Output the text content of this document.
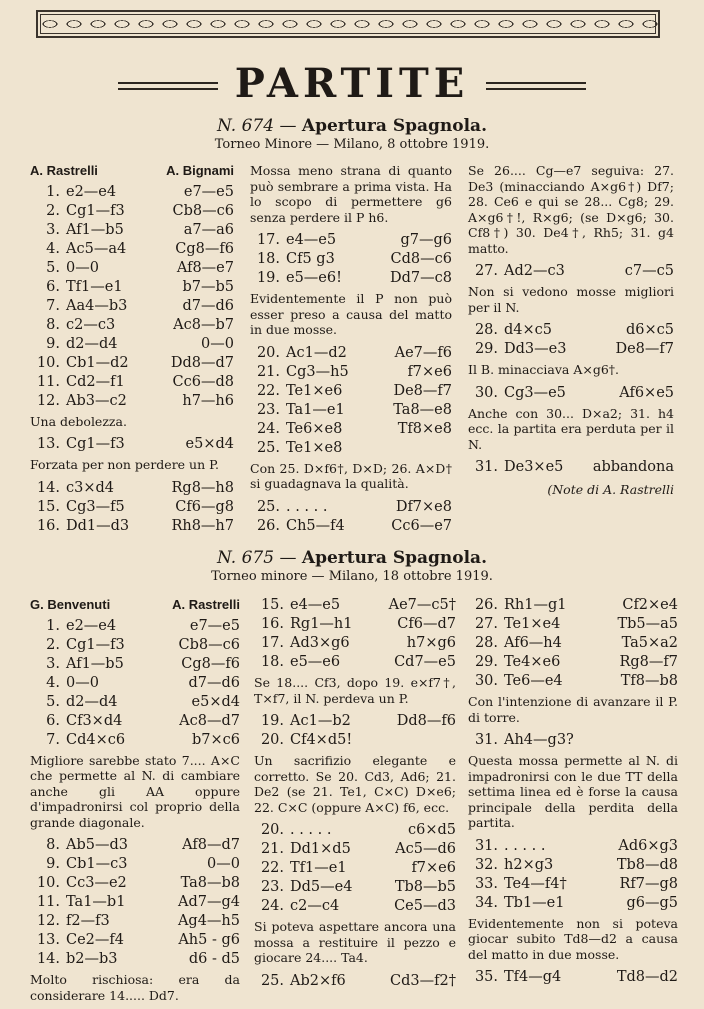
PARTITE
N. 674 — Apertura Spagnola.
Torneo Minore — Milano, 8 ottobre 1919.
A. Rastrelli	A. Bignami
1. e2—e4	e7—e5
2. Cg1—f3	Cb8—c6
3. Af1—b5	a7—a6
4. Ac5—a4	Cg8—f6
5. 0—0	Af8—e7
6. Tf1—e1	b7—b5
7. Aa4—b3	d7—d6
8. c2—c3	Ac8—b7
9. d2—d4	0—0
10. Cb1—d2	Dd8—d7
11. Cd2—f1	Cc6—d8
12. Ab3—c2	h7—h6
Una debolezza.
13. Cg1—f3	e5×d4
Forzata per non perdere un P.
14. c3×d4	Rg8—h8
15. Cg3—f5	Cf6—g8
16. Dd1—d3	Rh8—h7
Mossa meno strana di quanto può sembrare a prima vista. Ha lo scopo di permettere g6 senza perdere il P h6.
17. e4—e5	g7—g6
18. Cf5 g3	Cd8—c6
19. e5—e6!	Dd7—c8
Evidentemente il P non può esser preso a causa del matto in due mosse.
20. Ac1—d2	Ae7—f6
21. Cg3—h5	f7×e6
22. Te1×e6	De8—f7
23. Ta1—e1	Ta8—e8
24. Te6×e8	Tf8×e8
25. Te1×e8
Con 25. D×f6†, D×D; 26. A×D† si guadagnava la qualità.
25. . . . . .	Df7×e8
26. Ch5—f4	Cc6—e7
Se 26.... Cg—e7 seguiva: 27. De3 (minacciando A×g6†) Df7; 28. Ce6 e qui se 28... Cg8; 29. A×g6†!, R×g6; (se D×g6; 30. Cf8†) 30. De4†, Rh5; 31. g4 matto.
27. Ad2—c3	c7—c5
Non si vedono mosse migliori per il N.
28. d4×c5	d6×c5
29. Dd3—e3	De8—f7
Il B. minacciava A×g6†.
30. Cg3—e5	Af6×e5
Anche con 30... D×a2; 31. h4 ecc. la partita era perduta per il N.
31. De3×e5	abbandona
(Note di A. Rastrelli
N. 675 — Apertura Spagnola.
Torneo minore — Milano, 18 ottobre 1919.
G. Benvenuti	A. Rastrelli
1. e2—e4	e7—e5
2. Cg1—f3	Cb8—c6
3. Af1—b5	Cg8—f6
4. 0—0	d7—d6
5. d2—d4	e5×d4
6. Cf3×d4	Ac8—d7
7. Cd4×c6	b7×c6
Migliore sarebbe stato 7.... A×C che permette al N. di cambiare anche gli AA oppure d'impadronirsi col proprio della grande diagonale.
8. Ab5—d3	Af8—d7
9. Cb1—c3	0—0
10. Cc3—e2	Ta8—b8
11. Ta1—b1	Ad7—g4
12. f2—f3	Ag4—h5
13. Ce2—f4	Ah5 - g6
14. b2—b3	d6 - d5
Molto rischiosa: era da considerare 14..... Dd7.
15. e4—e5	Ae7—c5†
16. Rg1—h1	Cf6—d7
17. Ad3×g6	h7×g6
18. e5—e6	Cd7—e5
Se 18.... Cf3, dopo 19. e×f7†, T×f7, il N. perdeva un P.
19. Ac1—b2	Dd8—f6
20. Cf4×d5!
Un sacrifizio elegante e corretto. Se 20. Cd3, Ad6; 21. De2 (se 21. Te1, C×C) D×e6; 22. C×C (oppure A×C) f6, ecc.
20. . . . . .	c6×d5
21. Dd1×d5	Ac5—d6
22. Tf1—e1	f7×e6
23. Dd5—e4	Tb8—b5
24. c2—c4	Ce5—d3
Si poteva aspettare ancora una mossa a restituire il pezzo e giocare 24.... Ta4.
25. Ab2×f6	Cd3—f2†
26. Rh1—g1	Cf2×e4
27. Te1×e4	Tb5—a5
28. Af6—h4	Ta5×a2
29. Te4×e6	Rg8—f7
30. Te6—e4	Tf8—b8
Con l'intenzione di avanzare il P. di torre.
31. Ah4—g3?
Questa mossa permette al N. di impadronirsi con le due TT della settima linea ed è forse la causa principale della perdita della partita.
31. . . . . .	Ad6×g3
32. h2×g3	Tb8—d8
33. Te4—f4†	Rf7—g8
34. Tb1—e1	g6—g5
Evidentemente non si poteva giocar subito Td8—d2 a causa del matto in due mosse.
35. Tf4—g4	Td8—d2
